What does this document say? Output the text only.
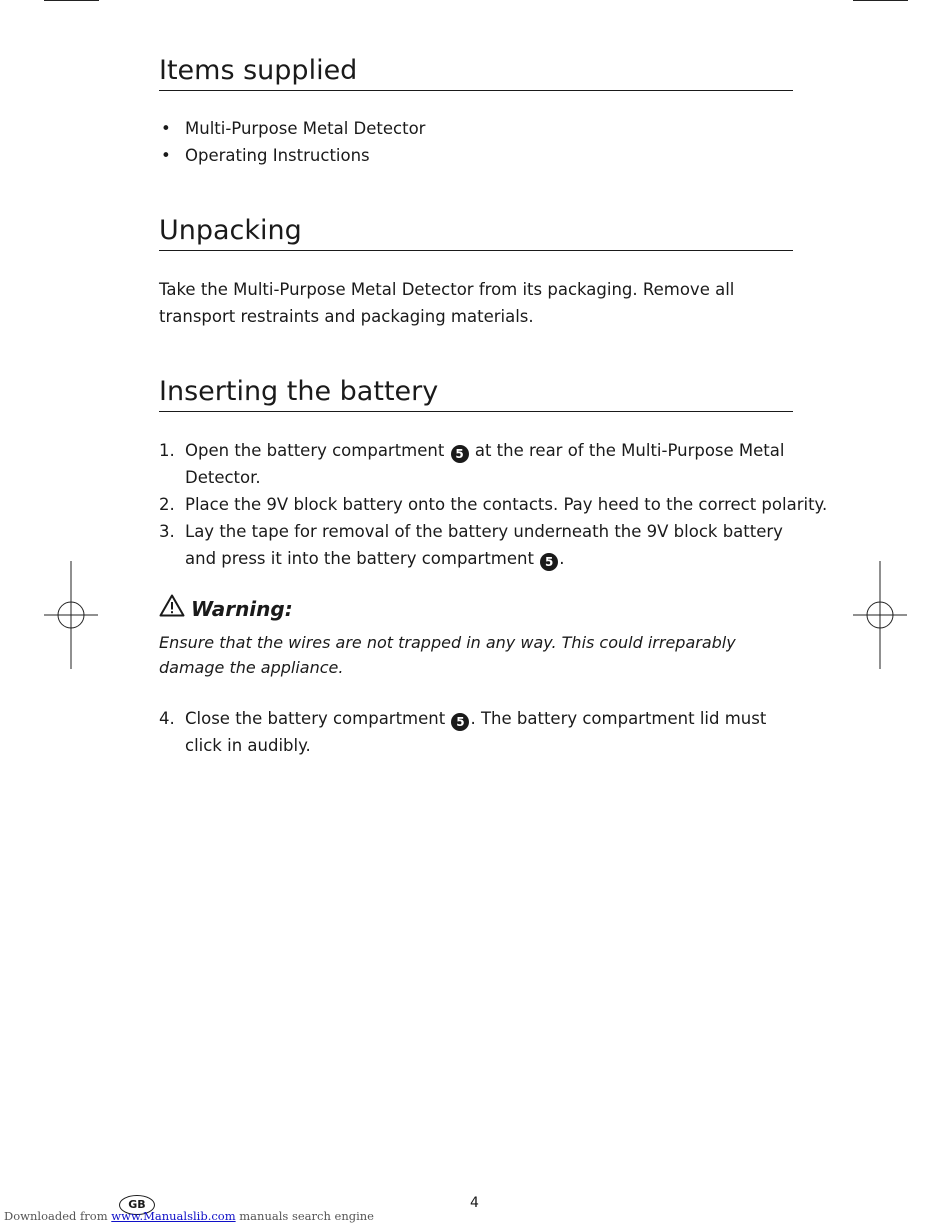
Items supplied
• Multi-Purpose Metal Detector
• Operating Instructions
Unpacking
Take the Multi-Purpose Metal Detector from its packaging. Remove all transport restraints and packaging materials.
Inserting the battery
1. Open the battery compartment 5 at the rear of the Multi-Purpose Metal Detector.
2. Place the 9V block battery onto the contacts. Pay heed to the correct polarity.
3. Lay the tape for removal of the battery underneath the 9V block battery and press it into the battery compartment 5 .
Warning:
Ensure that the wires are not trapped in any way. This could irreparably damage the appliance.
4. Close the battery compartment 5 . The battery compartment lid must click in audibly.
4
GB
Downloaded from www.Manualslib.com manuals search engine
